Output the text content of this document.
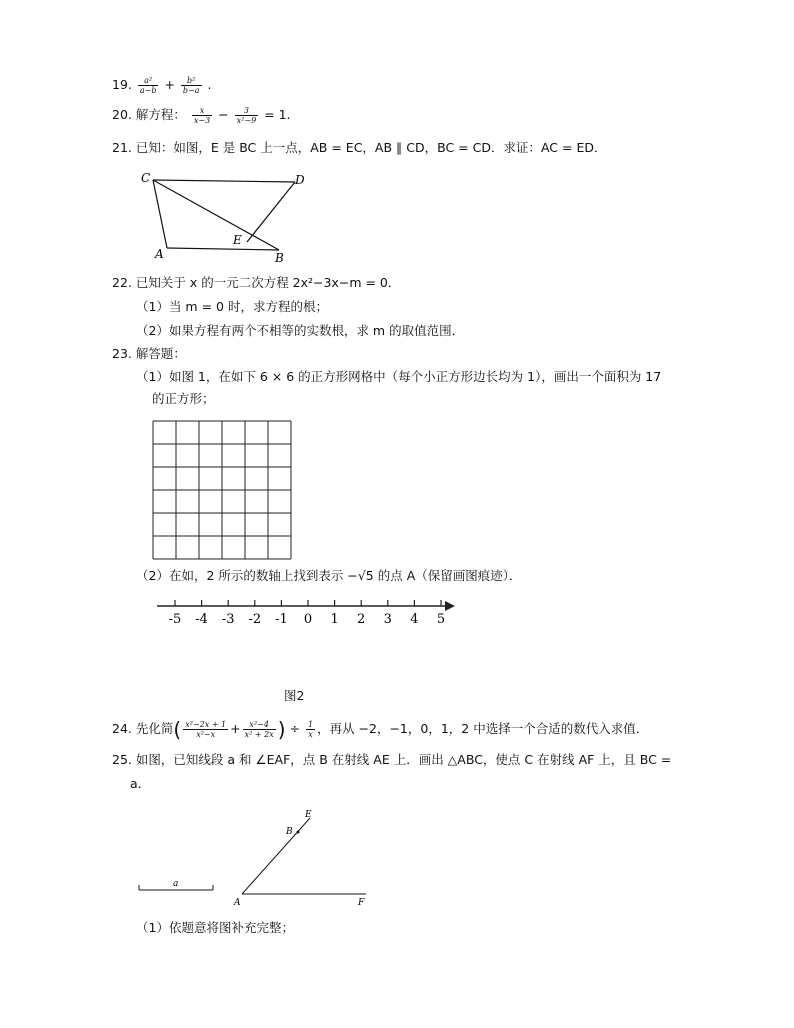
19. $\frac{\text{a²}}{a-b} + \frac{\text{b²}}{b-a}$ .
20. 解方程： $\frac{x}{x-3} - \frac{3}{\text{x²−9}} = 1$.
21. 已知：如图，E 是 BC 上一点，AB = EC，AB ∥ CD，BC = CD．求证：AC = ED．
C	D
A
E
B
22. 已知关于 x 的一元二次方程 2x²−3x−m = 0．
（1）当 m = 0 时，求方程的根；
（2）如果方程有两个不相等的实数根，求 m 的取值范围．
23. 解答题：
（1）如图 1，在如下 6 × 6 的正方形网格中（每个小正方形边长均为 1），画出一个面积为 17
的正方形；
（2）在如，2 所示的数轴上找到表示 −√5 的点 A（保留画图痕迹）．
-5 -4 -3 -2 -1 0 1 2 3 4 5
图2
24. 先化简( $\frac{\text{x²−2x + 1}}{\text{x²−x}} + \frac{\text{x²−4}}{\text{x² + 2x}}$ ) ÷ $\frac{1}{x}$ ，再从 −2，−1，0，1，2 中选择一个合适的数代入求值．
25. 如图，已知线段 a 和 ∠EAF，点 B 在射线 AE 上．画出 △ABC，使点 C 在射线 AF 上，且 BC =
a．
a
A
B
E
F
（1）依题意将图补充完整；
